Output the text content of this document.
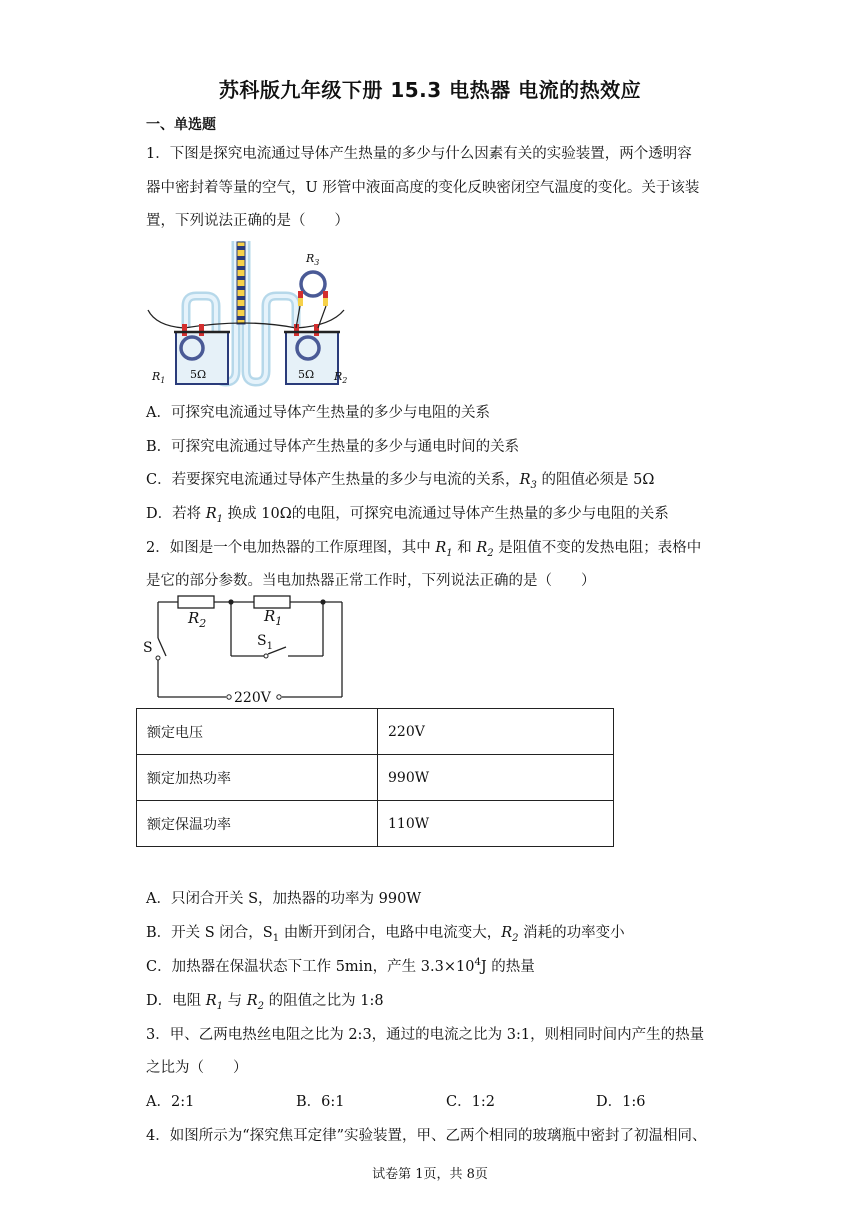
苏科版九年级下册 15.3 电热器 电流的热效应
一、单选题
1．下图是探究电流通过导体产生热量的多少与什么因素有关的实验装置，两个透明容
器中密封着等量的空气，U 形管中液面高度的变化反映密闭空气温度的变化。关于该装
置，下列说法正确的是（　　）
5Ω	5Ω
$R_3$
$R_1$	$R_2$
A．可探究电流通过导体产生热量的多少与电阻的关系
B．可探究电流通过导体产生热量的多少与通电时间的关系
C．若要探究电流通过导体产生热量的多少与电流的关系，$R_3$ 的阻值必须是 5Ω
D．若将 $R_1$ 换成 10Ω的电阻，可探究电流通过导体产生热量的多少与电阻的关系
2．如图是一个电加热器的工作原理图，其中 $R_1$ 和 $R_2$ 是阻值不变的发热电阻；表格中
是它的部分参数。当电加热器正常工作时，下列说法正确的是（　　）
$R_2$	$R_1$
$S_1$
S
220V
额定电压	220V
额定加热功率	990W
额定保温功率	110W
A．只闭合开关 S，加热器的功率为 990W
B．开关 S 闭合，$S_1$ 由断开到闭合，电路中电流变大，$R_2$ 消耗的功率变小
C．加热器在保温状态下工作 5min，产生 $3.3\times 10^4J$ 的热量
D．电阻 $R_1$ 与 $R_2$ 的阻值之比为 1:8
3．甲、乙两电热丝电阻之比为 2:3，通过的电流之比为 3:1，则相同时间内产生的热量
之比为（　　）
A．2:1	B．6:1	C．1:2	D．1:6
4．如图所示为“探究焦耳定律”实验装置，甲、乙两个相同的玻璃瓶中密封了初温相同、
试卷第 1页，共 8页
